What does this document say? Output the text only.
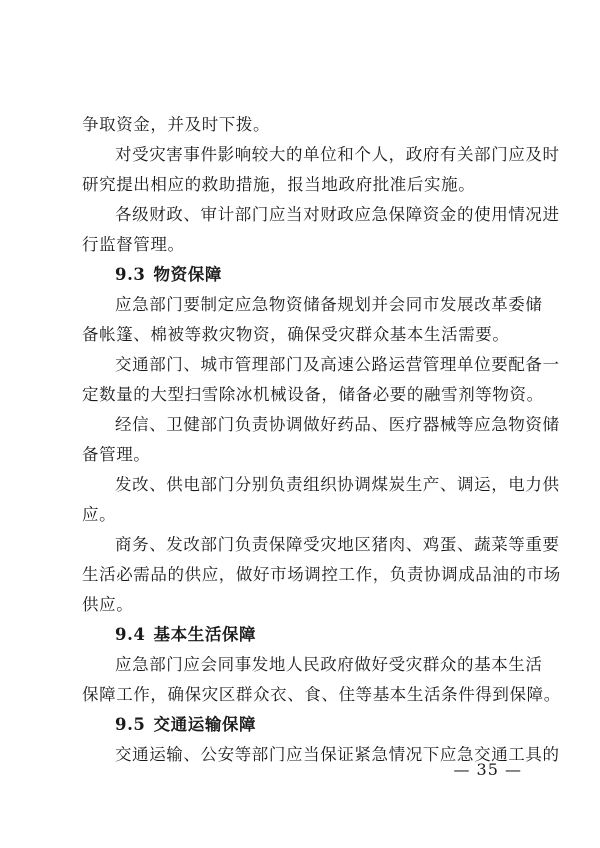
争取资金，并及时下拨。
对受灾害事件影响较大的单位和个人，政府有关部门应及时
研究提出相应的救助措施，报当地政府批准后实施。
各级财政、审计部门应当对财政应急保障资金的使用情况进
行监督管理。
9.3 物资保障
应急部门要制定应急物资储备规划并会同市发展改革委储
备帐篷、棉被等救灾物资，确保受灾群众基本生活需要。
交通部门、城市管理部门及高速公路运营管理单位要配备一
定数量的大型扫雪除冰机械设备，储备必要的融雪剂等物资。
经信、卫健部门负责协调做好药品、医疗器械等应急物资储
备管理。
发改、供电部门分别负责组织协调煤炭生产、调运，电力供
应。
商务、发改部门负责保障受灾地区猪肉、鸡蛋、蔬菜等重要
生活必需品的供应，做好市场调控工作，负责协调成品油的市场
供应。
9.4 基本生活保障
应急部门应会同事发地人民政府做好受灾群众的基本生活
保障工作，确保灾区群众衣、食、住等基本生活条件得到保障。
9.5 交通运输保障
交通运输、公安等部门应当保证紧急情况下应急交通工具的
— 35 —
